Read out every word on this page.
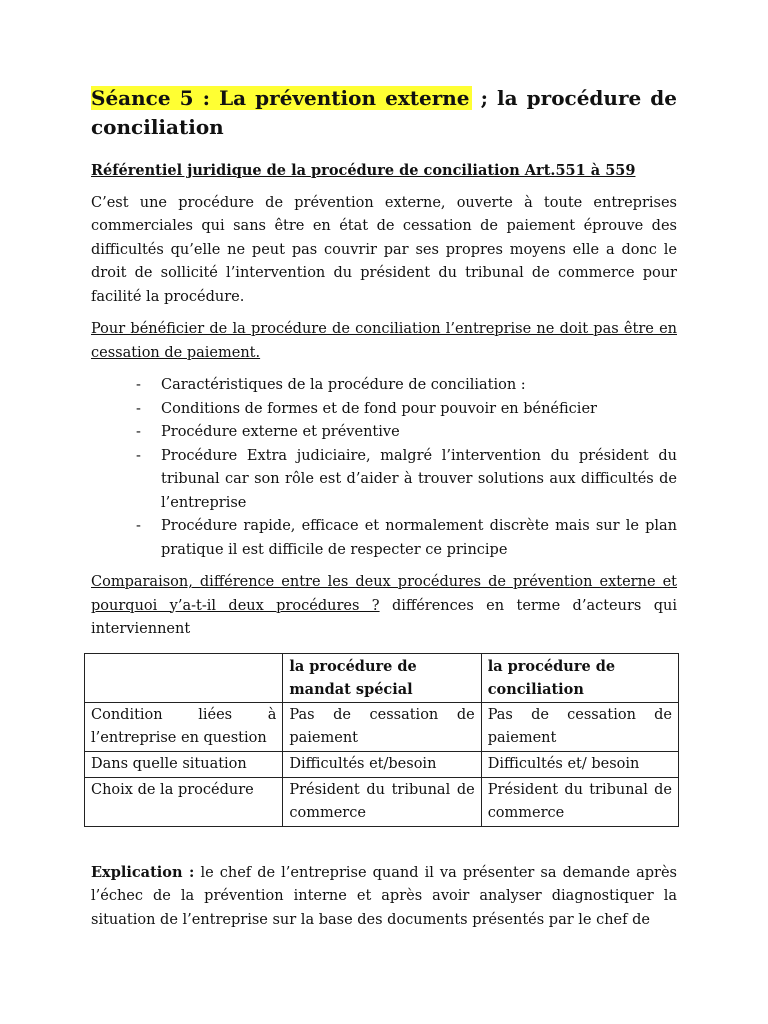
Séance 5 : La prévention externe ; la procédure de
conciliation

Référentiel juridique de la procédure de conciliation Art.551 à 559

C’est une procédure de prévention externe, ouverte à toute entreprises commerciales qui sans être en état de cessation de paiement éprouve des difficultés qu’elle ne peut pas couvrir par ses propres moyens elle a donc le droit de sollicité l’intervention du président du tribunal de commerce pour facilité la procédure.

Pour bénéficier de la procédure de conciliation l’entreprise ne doit pas être en cessation de paiement.

- Caractéristiques de la procédure de conciliation :
- Conditions de formes et de fond pour pouvoir en bénéficier
- Procédure externe et préventive
- Procédure Extra judiciaire, malgré l’intervention du président du tribunal car son rôle est d’aider à trouver solutions aux difficultés de l’entreprise
- Procédure rapide, efficace et normalement discrète mais sur le plan pratique il est difficile de respecter ce principe

Comparaison, différence entre les deux procédures de prévention externe et pourquoi y’a-t-il deux procédures ? différences en terme d’acteurs qui interviennent

	la procédure de mandat spécial	la procédure de conciliation
Condition liées à l’entreprise en question	Pas de cessation de paiement	Pas de cessation de paiement
Dans quelle situation	Difficultés et/besoin	Difficultés et/ besoin
Choix de la procédure	Président du tribunal de commerce	Président du tribunal de commerce

Explication : le chef de l’entreprise quand il va présenter sa demande après l’échec de la prévention interne et après avoir analyser diagnostiquer la situation de l’entreprise sur la base des documents présentés par le chef de
